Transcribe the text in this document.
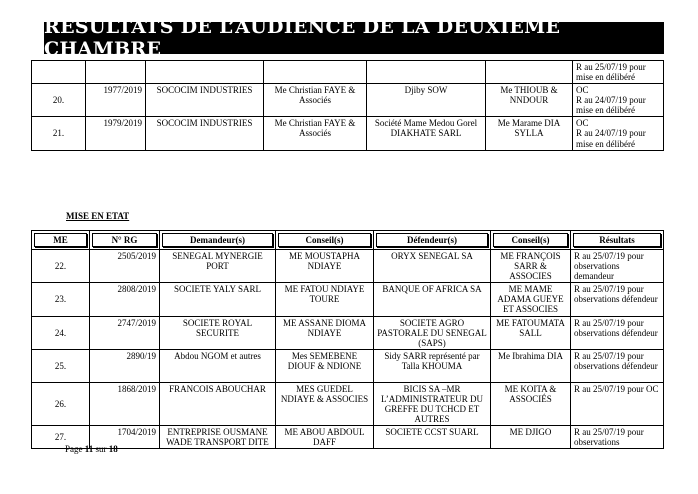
RESULTATS DE L’AUDIENCE DE LA DEUXIEME CHAMBRE
						R au 25/07/19 pour mise en délibéré
20.	1977/2019	SOCOCIM INDUSTRIES	Me Christian FAYE & Associés	Djiby SOW	Me THIOUB & NNDOUR	OC
R au 24/07/19 pour mise en délibéré
21.	1979/2019	SOCOCIM INDUSTRIES	Me Christian FAYE & Associés	Société Mame Medou Gorel DIAKHATE SARL	Me Marame DIA SYLLA	OC
R au 24/07/19 pour mise en délibéré
MISE EN ETAT
ME	N° RG	Demandeur(s)	Conseil(s)	Défendeur(s)	Conseil(s)	Résultats

22.	2505/2019	SENEGAL MYNERGIE PORT	ME MOUSTAPHA NDIAYE	ORYX SENEGAL SA	ME FRANÇOIS SARR & ASSOCIES	R au 25/07/19 pour observations demandeur
23.	2808/2019	SOCIETE YALY SARL	ME FATOU NDIAYE TOURE	BANQUE OF AFRICA SA	ME MAME ADAMA GUEYE ET ASSOCIES	R au 25/07/19 pour observations défendeur
24.	2747/2019	SOCIETE ROYAL SECURITE	ME ASSANE DIOMA NDIAYE	SOCIETE AGRO PASTORALE DU SENEGAL (SAPS)	ME FATOUMATA SALL	R au 25/07/19 pour observations défendeur
25.	2890/19	Abdou NGOM et autres	Mes SEMEBENE DIOUF & NDIONE	Sidy SARR représenté par Talla KHOUMA	Me Ibrahima DIA	R au 25/07/19 pour observations défendeur
26.	1868/2019	FRANCOIS ABOUCHAR	MES GUEDEL NDIAYE & ASSOCIES	BICIS SA –MR L’ADMINISTRATEUR DU GREFFE DU TCHCD ET AUTRES	ME KOITA & ASSOCIÉS	R au 25/07/19 pour OC
27.	1704/2019	ENTREPRISE OUSMANE WADE TRANSPORT DITE	ME ABOU ABDOUL DAFF	SOCIETE CCST SUARL	ME DJIGO	R au 25/07/19 pour observations
Page 11 sur 18
